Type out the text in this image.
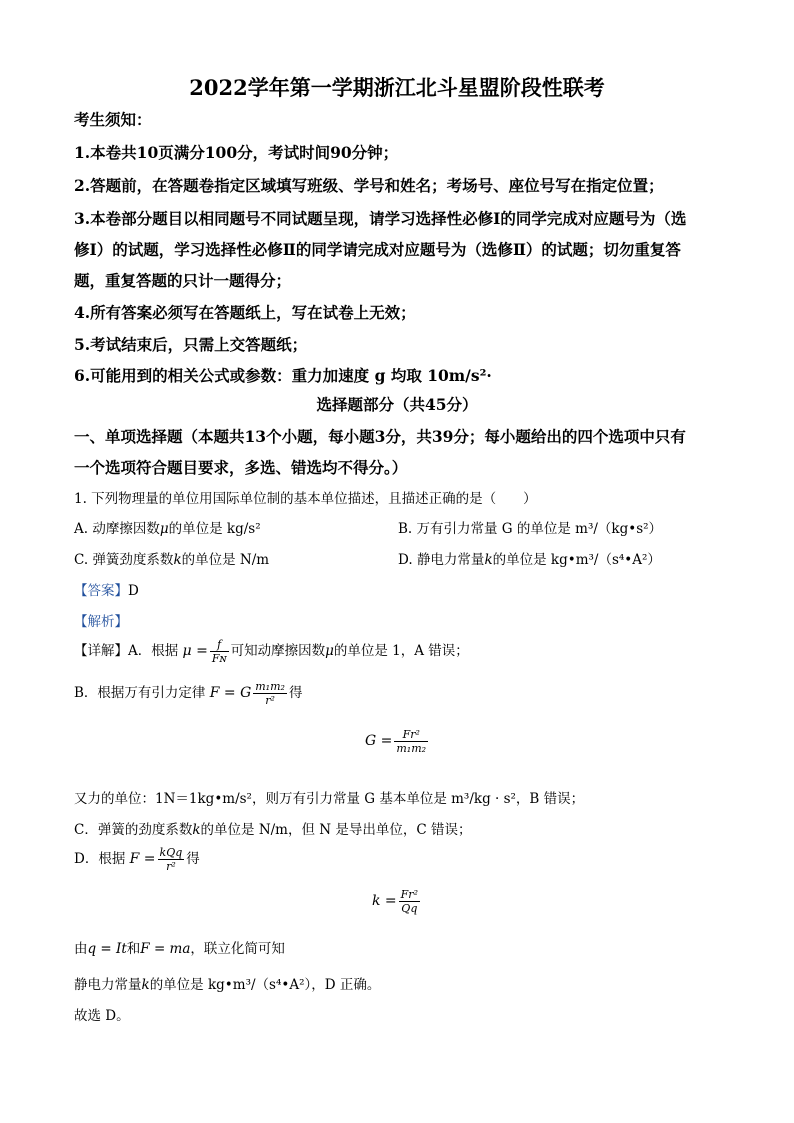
2022学年第一学期浙江北斗星盟阶段性联考
考生须知：
1.本卷共10页满分100分，考试时间90分钟；
2.答题前，在答题卷指定区域填写班级、学号和姓名；考场号、座位号写在指定位置；
3.本卷部分题目以相同题号不同试题呈现，请学习选择性必修Ⅰ的同学完成对应题号为（选
修Ⅰ）的试题，学习选择性必修Ⅱ的同学请完成对应题号为（选修Ⅱ）的试题；切勿重复答
题，重复答题的只计一题得分；
4.所有答案必须写在答题纸上，写在试卷上无效；
5.考试结束后，只需上交答题纸；
6.可能用到的相关公式或参数：重力加速度 g 均取 10m/s²·
选择题部分（共45分）
一、单项选择题（本题共13个小题，每小题3分，共39分；每小题给出的四个选项中只有
一个选项符合题目要求，多选、错选均不得分。）
1. 下列物理量的单位用国际单位制的基本单位描述，且描述正确的是（　　）
A. 动摩擦因数μ的单位是 kg/s²	B. 万有引力常量 G 的单位是 m³/（kg•s²）
C. 弹簧劲度系数k的单位是 N/m	D. 静电力常量k的单位是 kg•m³/（s⁴•A²）
【答案】D
【解析】
【详解】A．根据 $\mu = \frac{f}{\text{Fɴ}}$ 可知动摩擦因数μ的单位是 1，A 错误；
B．根据万有引力定律 F = G $\frac{\text{m₁m₂}}{\text{r²}}$ 得
$G = \frac{\text{Fr²}}{\text{m₁m₂}}$
又力的单位：1N＝1kg•m/s²，则万有引力常量 G 基本单位是 m³/kg · s²，B 错误；
C．弹簧的劲度系数k的单位是 N/m，但 N 是导出单位，C 错误；
D．根据 $F = \frac{\text{kQq}}{\text{r²}}$ 得
$k = \frac{\text{Fr²}}{Qq}$
由q = It和F = ma，联立化简可知
静电力常量k的单位是 kg•m³/（s⁴•A²），D 正确。
故选 D。
